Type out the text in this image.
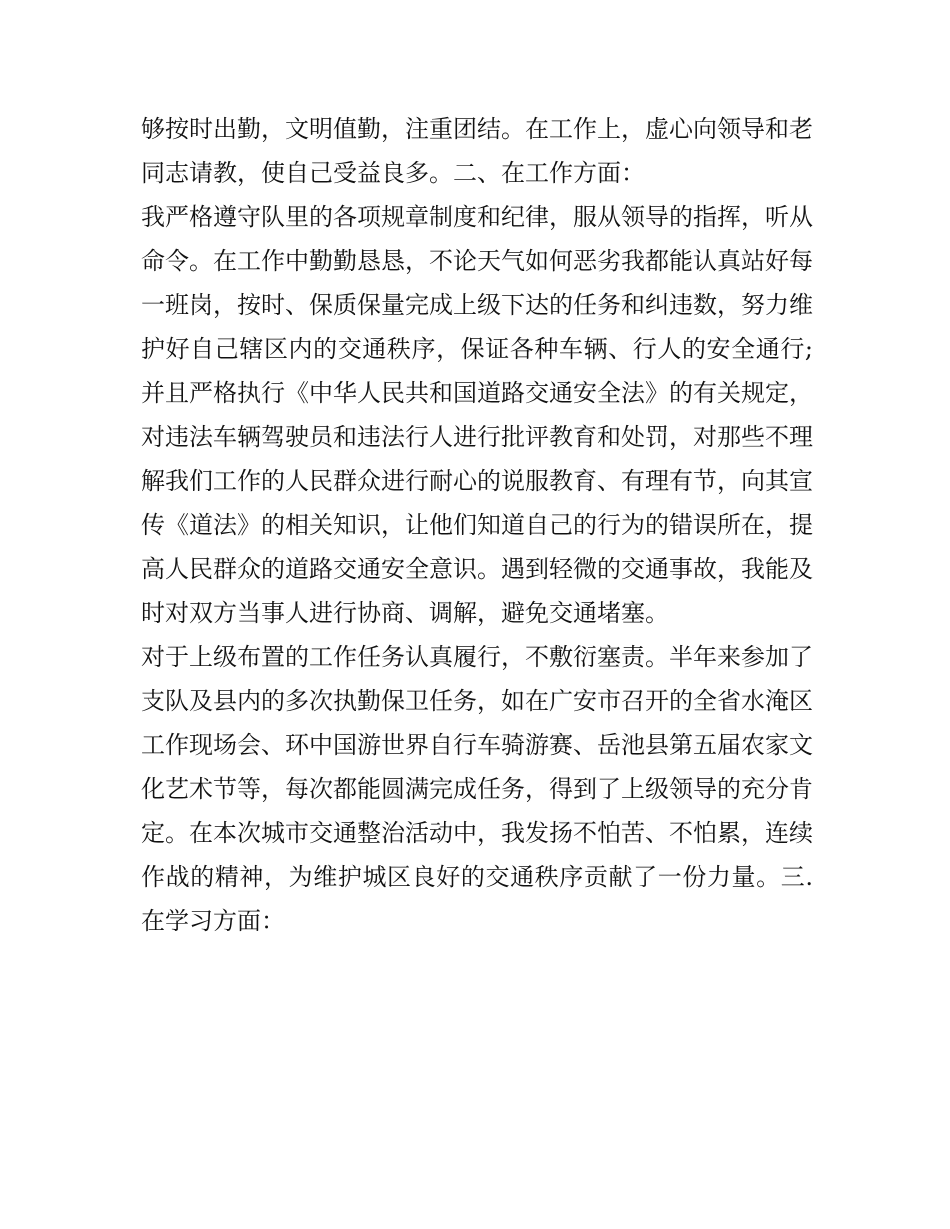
够按时出勤，文明值勤，注重团结。在工作上，虚心向领导和老同志请教，使自己受益良多。二、在工作方面：

我严格遵守队里的各项规章制度和纪律，服从领导的指挥，听从命令。在工作中勤勤恳恳，不论天气如何恶劣我都能认真站好每一班岗，按时、保质保量完成上级下达的任务和纠违数，努力维护好自己辖区内的交通秩序，保证各种车辆、行人的安全通行;并且严格执行《中华人民共和国道路交通安全法》的有关规定，对违法车辆驾驶员和违法行人进行批评教育和处罚，对那些不理解我们工作的人民群众进行耐心的说服教育、有理有节，向其宣传《道法》的相关知识，让他们知道自己的行为的错误所在，提高人民群众的道路交通安全意识。遇到轻微的交通事故，我能及时对双方当事人进行协商、调解，避免交通堵塞。

对于上级布置的工作任务认真履行，不敷衍塞责。半年来参加了支队及县内的多次执勤保卫任务，如在广安市召开的全省水淹区工作现场会、环中国游世界自行车骑游赛、岳池县第五届农家文化艺术节等，每次都能圆满完成任务，得到了上级领导的充分肯定。在本次城市交通整治活动中，我发扬不怕苦、不怕累，连续作战的精神，为维护城区良好的交通秩序贡献了一份力量。三.在学习方面：
